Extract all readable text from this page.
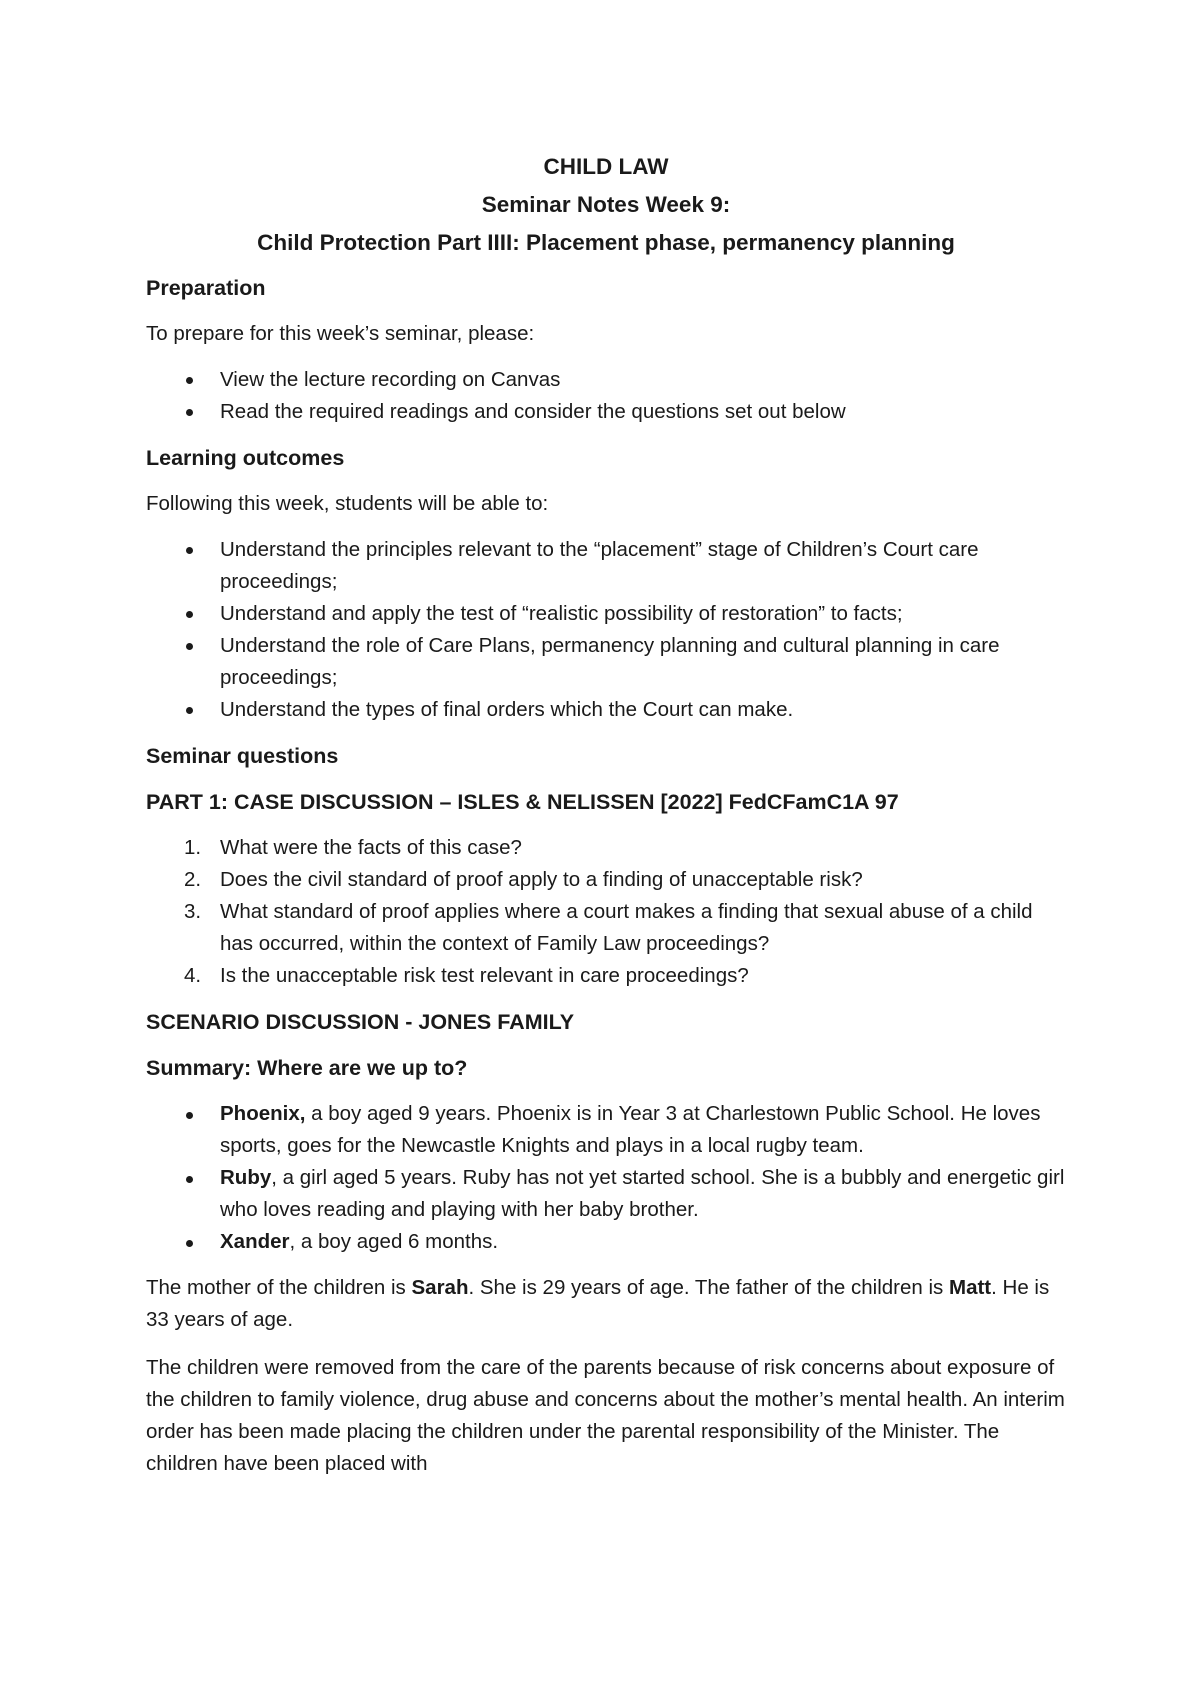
CHILD LAW
Seminar Notes Week 9:
Child Protection Part IIII: Placement phase, permanency planning
Preparation

To prepare for this week’s seminar, please:

View the lecture recording on Canvas
Read the required readings and consider the questions set out below
Learning outcomes

Following this week, students will be able to:

Understand the principles relevant to the “placement” stage of Children’s Court care proceedings;
Understand and apply the test of “realistic possibility of restoration” to facts;
Understand the role of Care Plans, permanency planning and cultural planning in care proceedings;
Understand the types of final orders which the Court can make.
Seminar questions
PART 1: CASE DISCUSSION – ISLES & NELISSEN [2022] FedCFamC1A 97
1. What were the facts of this case?
2. Does the civil standard of proof apply to a finding of unacceptable risk?
3. What standard of proof applies where a court makes a finding that sexual abuse of a child has occurred, within the context of Family Law proceedings?
4. Is the unacceptable risk test relevant in care proceedings?
SCENARIO DISCUSSION - JONES FAMILY
Summary: Where are we up to?
Phoenix, a boy aged 9 years. Phoenix is in Year 3 at Charlestown Public School. He loves sports, goes for the Newcastle Knights and plays in a local rugby team.
Ruby, a girl aged 5 years. Ruby has not yet started school. She is a bubbly and energetic girl who loves reading and playing with her baby brother.
Xander, a boy aged 6 months.

The mother of the children is Sarah. She is 29 years of age. The father of the children is Matt. He is 33 years of age.

The children were removed from the care of the parents because of risk concerns about exposure of the children to family violence, drug abuse and concerns about the mother’s mental health. An interim order has been made placing the children under the parental responsibility of the Minister. The children have been placed with
